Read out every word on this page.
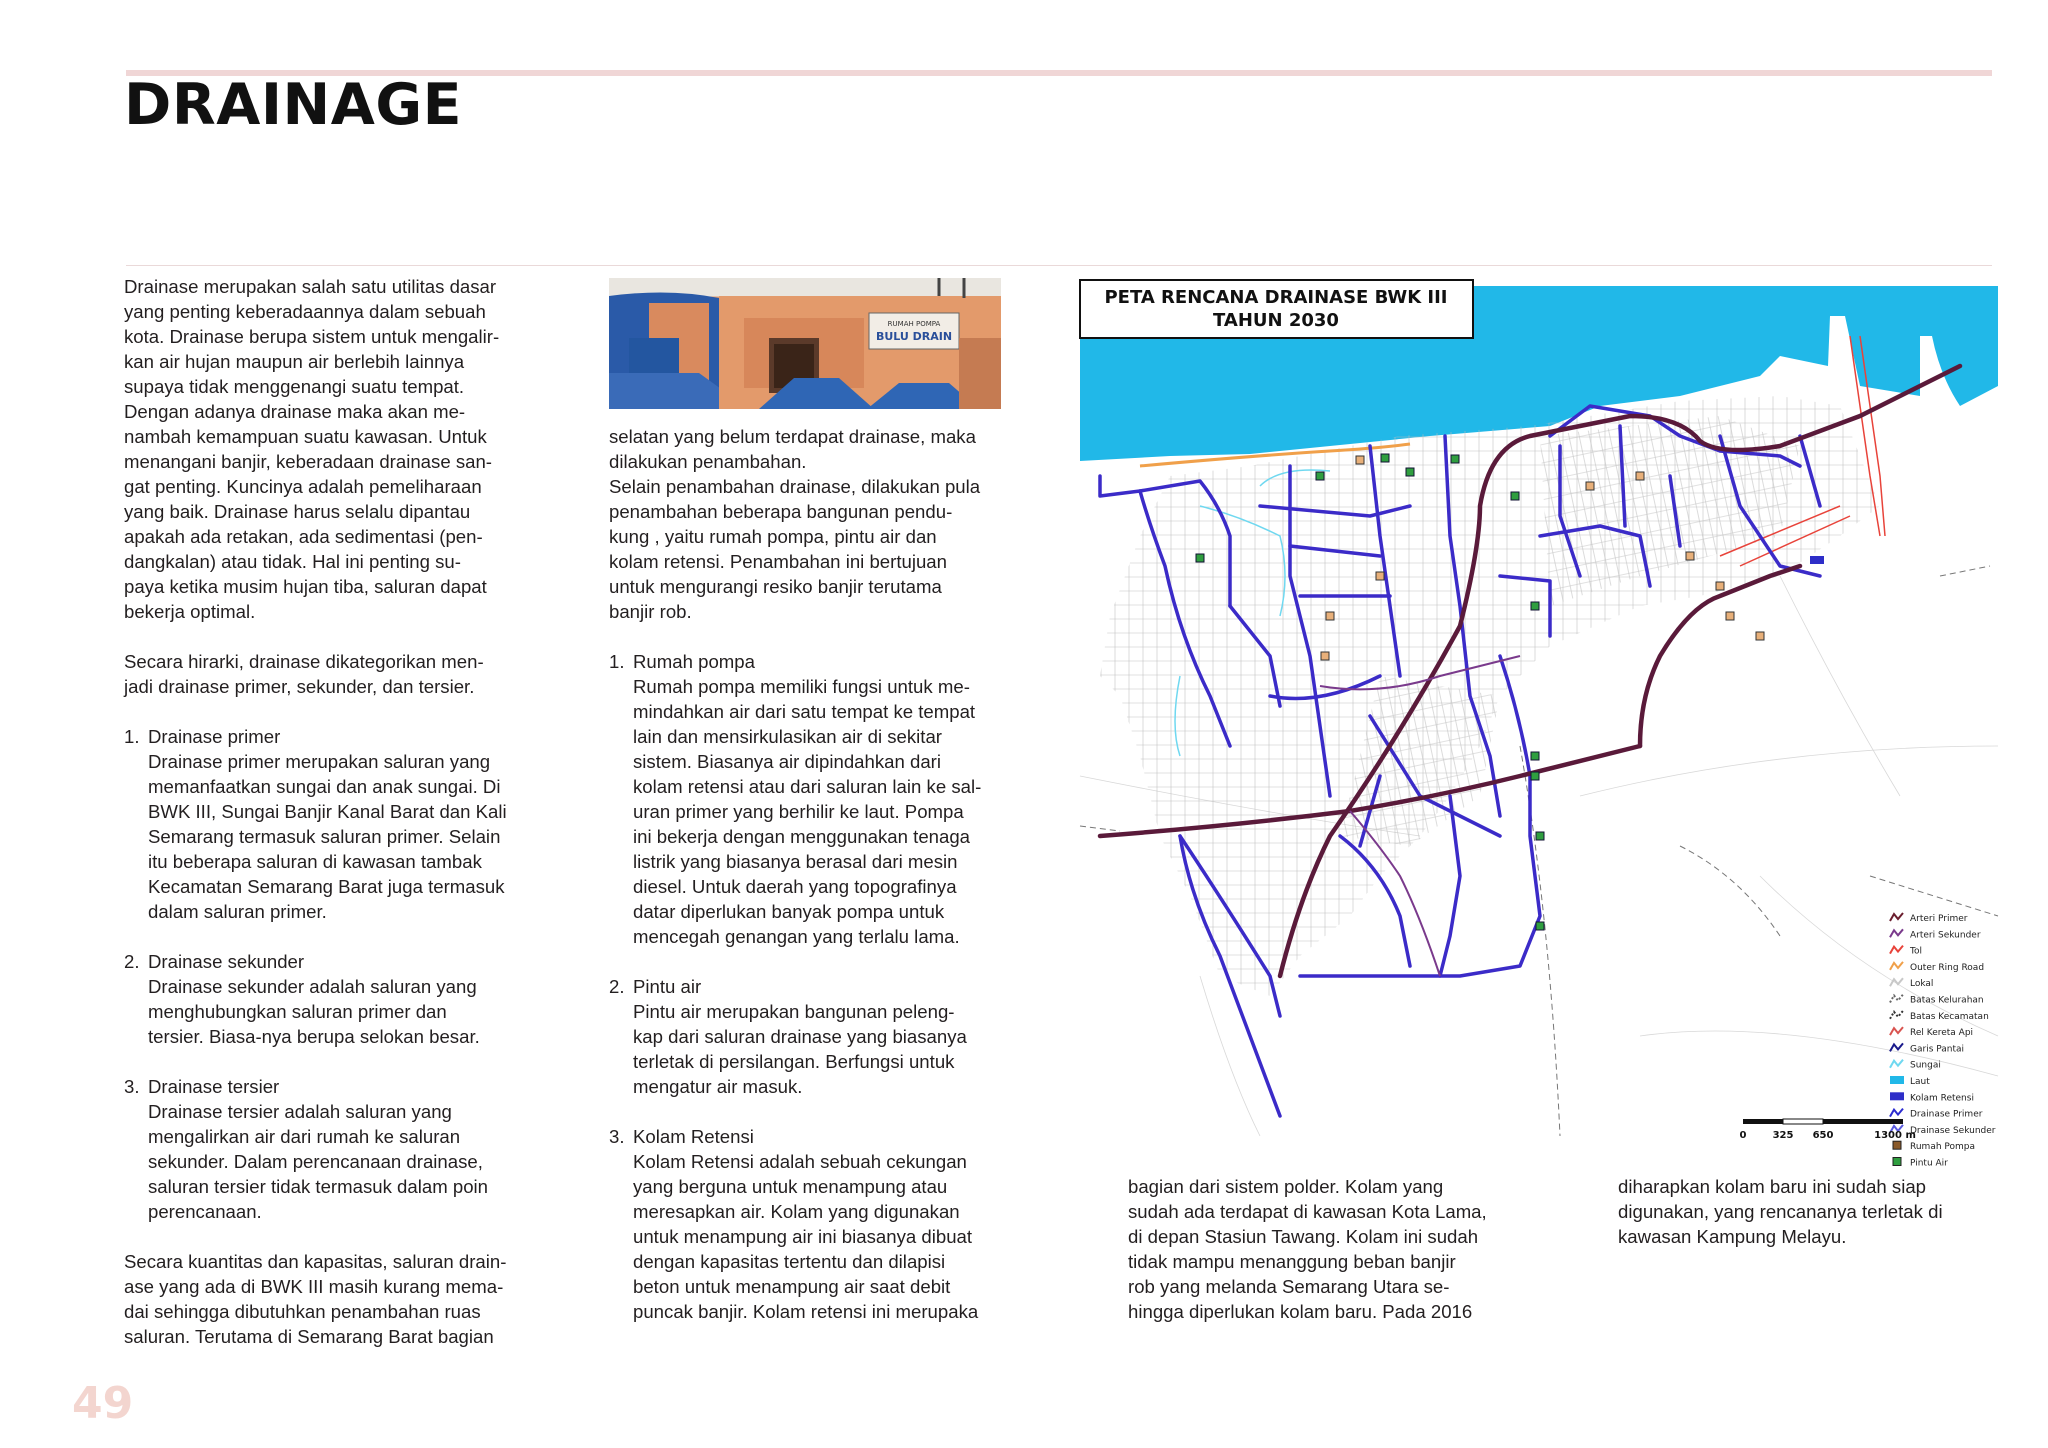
DRAINAGE

Drainase merupakan salah satu utilitas dasar

yang penting keberadaannya dalam sebuah

kota. Drainase berupa sistem untuk mengalir-

kan air hujan maupun air berlebih lainnya

supaya tidak menggenangi suatu tempat.

Dengan adanya drainase maka akan me-

nambah kemampuan suatu kawasan. Untuk

menangani banjir, keberadaan drainase san-

gat penting. Kuncinya adalah pemeliharaan

yang baik. Drainase harus selalu dipantau

apakah ada retakan, ada sedimentasi (pen-

dangkalan) atau tidak. Hal ini penting su-

paya ketika musim hujan tiba, saluran dapat

bekerja optimal.

Secara hirarki, drainase dikategorikan men-

jadi drainase primer, sekunder, dan tersier.

1. Drainase primer

Drainase primer merupakan saluran yang

memanfaatkan sungai dan anak sungai. Di

BWK III, Sungai Banjir Kanal Barat dan Kali

Semarang termasuk saluran primer. Selain

itu beberapa saluran di kawasan tambak

Kecamatan Semarang Barat juga termasuk

dalam saluran primer.

2. Drainase sekunder

Drainase sekunder adalah saluran yang

menghubungkan saluran primer dan

tersier. Biasa-nya berupa selokan besar.

3. Drainase tersier

Drainase tersier adalah saluran yang

mengalirkan air dari rumah ke saluran

sekunder. Dalam perencanaan drainase,

saluran tersier tidak termasuk dalam poin

perencanaan.

Secara kuantitas dan kapasitas, saluran drain-

ase yang ada di BWK III masih kurang mema-

dai sehingga dibutuhkan penambahan ruas

saluran. Terutama di Semarang Barat bagian

RUMAH POMPA
BULU DRAIN

selatan yang belum terdapat drainase, maka

dilakukan penambahan.

Selain penambahan drainase, dilakukan pula

penambahan beberapa bangunan pendu-

kung , yaitu rumah pompa, pintu air dan

kolam retensi. Penambahan ini bertujuan

untuk mengurangi resiko banjir terutama

banjir rob.

1. Rumah pompa

Rumah pompa memiliki fungsi untuk me-

mindahkan air dari satu tempat ke tempat

lain dan mensirkulasikan air di sekitar

sistem. Biasanya air dipindahkan dari

kolam retensi atau dari saluran lain ke sal-

uran primer yang berhilir ke laut. Pompa

ini bekerja dengan menggunakan tenaga

listrik yang biasanya berasal dari mesin

diesel. Untuk daerah yang topografinya

datar diperlukan banyak pompa untuk

mencegah genangan yang terlalu lama.

2. Pintu air

Pintu air merupakan bangunan peleng-

kap dari saluran drainase yang biasanya

terletak di persilangan. Berfungsi untuk

mengatur air masuk.

3. Kolam Retensi

Kolam Retensi adalah sebuah cekungan

yang berguna untuk menampung atau

meresapkan air. Kolam yang digunakan

untuk menampung air ini biasanya dibuat

dengan kapasitas tertentu dan dilapisi

beton untuk menampung air saat debit

puncak banjir. Kolam retensi ini merupaka

PETA RENCANA DRAINASE BWK III
TAHUN 2030
Arteri Primer
Arteri Sekunder
Tol
Outer Ring Road
Lokal
Batas Kelurahan
Batas Kecamatan
Rel Kereta Api
Garis Pantai
Sungai
Laut
Kolam Retensi
Drainase Primer
Drainase Sekunder
Rumah Pompa
Pintu Air
0	325 650	1300 m

bagian dari sistem polder. Kolam yang

sudah ada terdapat di kawasan Kota Lama,

di depan Stasiun Tawang. Kolam ini sudah

tidak mampu menanggung beban banjir

rob yang melanda Semarang Utara se-

hingga diperlukan kolam baru. Pada 2016

diharapkan kolam baru ini sudah siap

digunakan, yang rencananya terletak di

kawasan Kampung Melayu.

49
